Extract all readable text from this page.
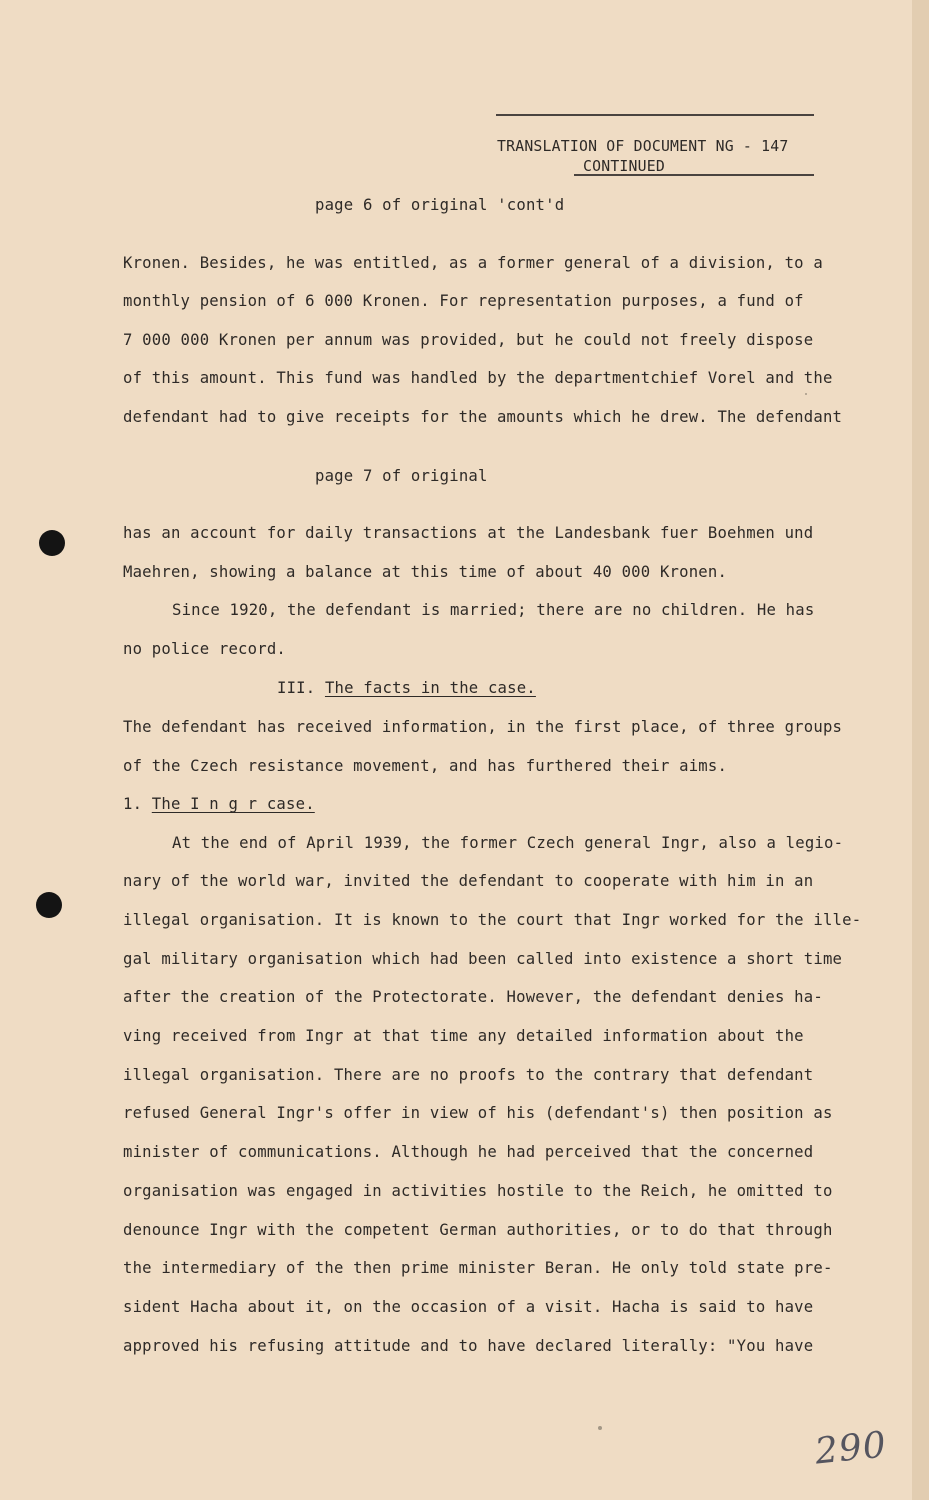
TRANSLATION OF DOCUMENT NG - 147
CONTINUED
page 6 of original 'cont'd
Kronen. Besides, he was entitled, as a former general of a division, to a
monthly pension of 6 000 Kronen. For representation purposes, a fund of
7 000 000 Kronen per annum was provided, but he could not freely dispose
of this amount. This fund was handled by the departmentchief Vorel and the
defendant had to give receipts for the amounts which he drew. The defendant
page 7 of original
has an account for daily transactions at the Landesbank fuer Boehmen und
Maehren, showing a balance at this time of about 40 000 Kronen.
Since 1920, the defendant is married; there are no children. He has
no police record.
III. The facts in the case.
The defendant has received information, in the first place, of three groups
of the Czech resistance movement, and has furthered their aims.
1. The I n g r case.
At the end of April 1939, the former Czech general Ingr, also a legio-
nary of the world war, invited the defendant to cooperate with him in an
illegal organisation. It is known to the court that Ingr worked for the ille-
gal military organisation which had been called into existence a short time
after the creation of the Protectorate. However, the defendant denies ha-
ving received from Ingr at that time any detailed information about the
illegal organisation. There are no proofs to the contrary that defendant
refused General Ingr's offer in view of his (defendant's) then position as
minister of communications. Although he had perceived that the concerned
organisation was engaged in activities hostile to the Reich, he omitted to
denounce Ingr with the competent German authorities, or to do that through
the intermediary of the then prime minister Beran. He only told state pre-
sident Hacha about it, on the occasion of a visit. Hacha is said to have
approved his refusing attitude and to have declared literally: "You have
290
